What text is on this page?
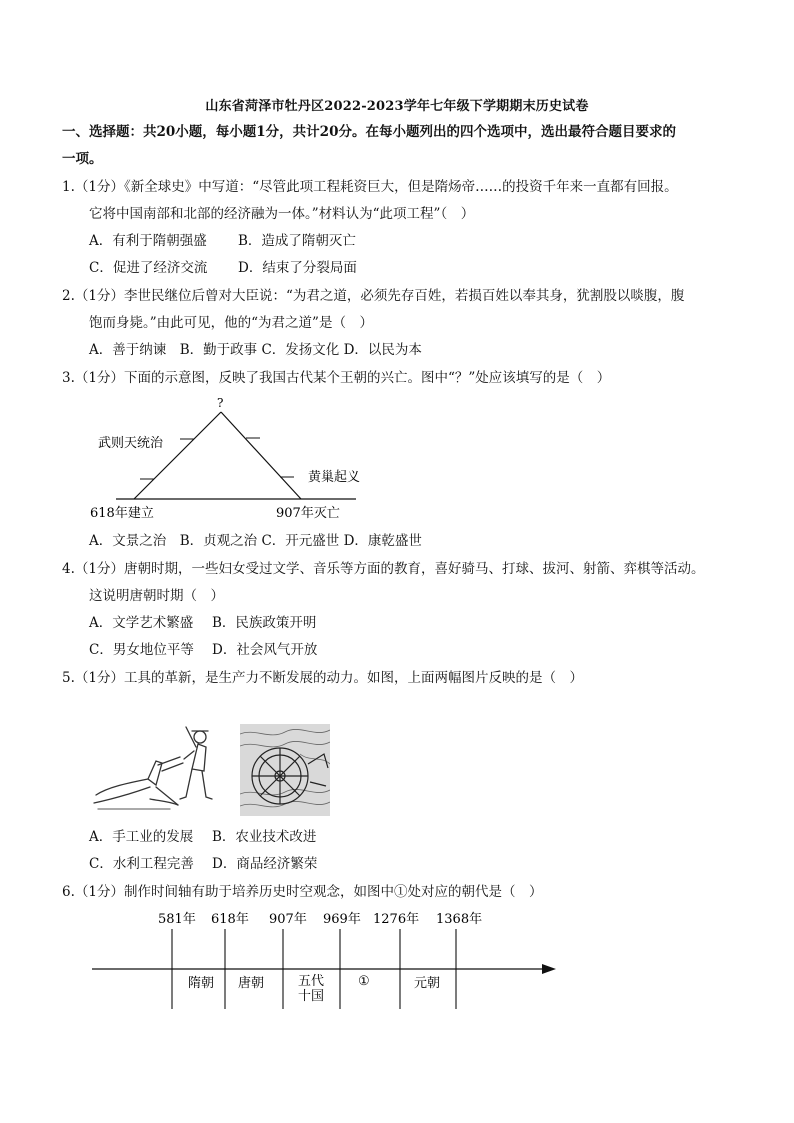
山东省菏泽市牡丹区2022-2023学年七年级下学期期末历史试卷
一、选择题：共20小题，每小题1分，共计20分。在每小题列出的四个选项中，选出最符合题目要求的
一项。
1.（1分）《新全球史》中写道：“尽管此项工程耗资巨大，但是隋炀帝……的投资千年来一直都有回报。
它将中国南部和北部的经济融为一体。”材料认为“此项工程”（　）
A．有利于隋朝强盛 B．造成了隋朝灭亡
C．促进了经济交流 D．结束了分裂局面
2.（1分）李世民继位后曾对大臣说：“为君之道，必须先存百姓，若损百姓以奉其身，犹割股以啖腹，腹
饱而身毙。”由此可见，他的“为君之道”是（　）
A．善于纳谏　B．勤于政事 C．发扬文化 D．以民为本
3.（1分）下面的示意图，反映了我国古代某个王朝的兴亡。图中“？”处应该填写的是（　）
?
武则天统治
黄巢起义
618年建立	907年灭亡
A．文景之治　B．贞观之治 C．开元盛世 D．康乾盛世
4.（1分）唐朝时期，一些妇女受过文学、音乐等方面的教育，喜好骑马、打球、拔河、射箭、弈棋等活动。
这说明唐朝时期（　）
A．文学艺术繁盛 B．民族政策开明
C．男女地位平等 D．社会风气开放
5.（1分）工具的革新，是生产力不断发展的动力。如图，上面两幅图片反映的是（　）
A．手工业的发展 B．农业技术改进
C．水利工程完善 D．商品经济繁荣
6.（1分）制作时间轴有助于培养历史时空观念，如图中①处对应的朝代是（　）
581年 618年 907年 969年 1276年 1368年
隋朝 唐朝	五代
十国
①	元朝
